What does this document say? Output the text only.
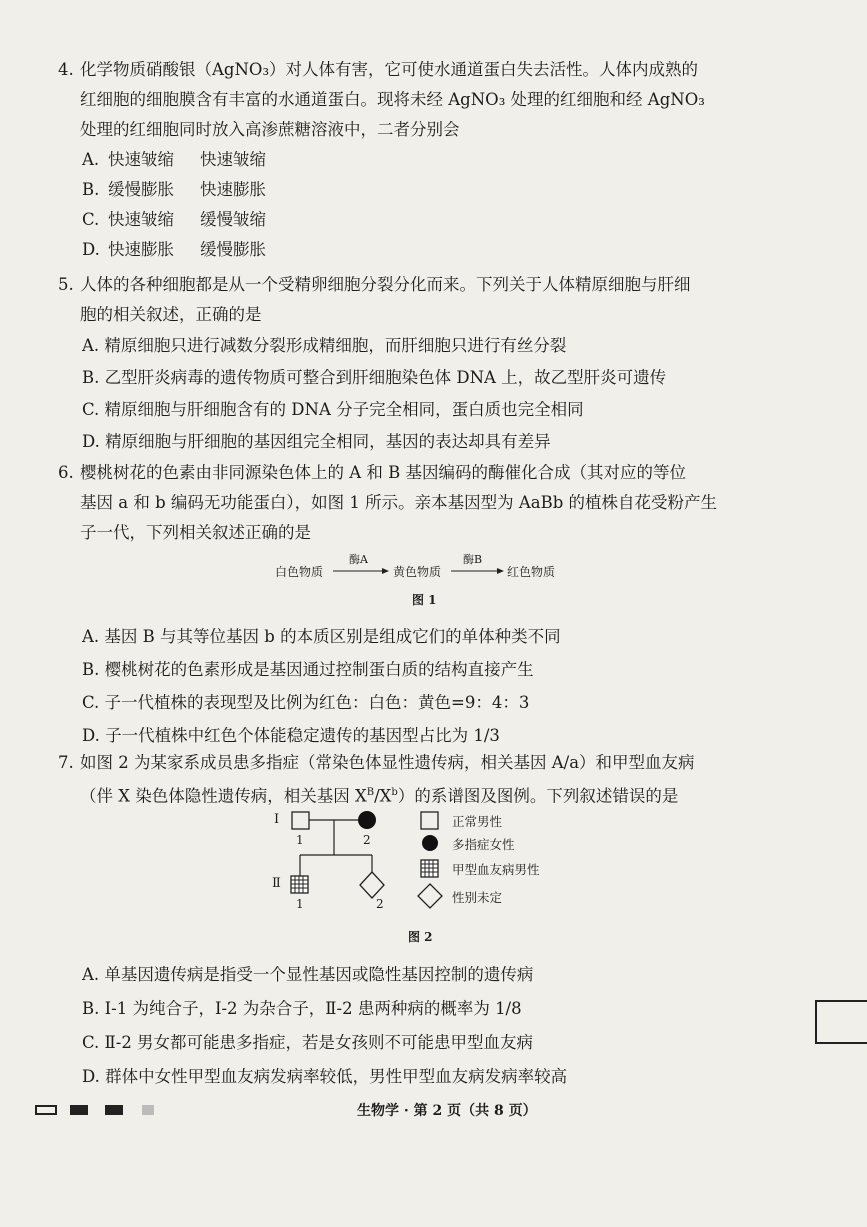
4. 化学物质硝酸银（AgNO₃）对人体有害，它可使水通道蛋白失去活性。人体内成熟的
红细胞的细胞膜含有丰富的水通道蛋白。现将未经 AgNO₃ 处理的红细胞和经 AgNO₃
处理的红细胞同时放入高渗蔗糖溶液中，二者分别会
A. 快速皱缩 快速皱缩
B. 缓慢膨胀 快速膨胀
C. 快速皱缩 缓慢皱缩
D. 快速膨胀 缓慢膨胀
5. 人体的各种细胞都是从一个受精卵细胞分裂分化而来。下列关于人体精原细胞与肝细
胞的相关叙述，正确的是
A. 精原细胞只进行减数分裂形成精细胞，而肝细胞只进行有丝分裂
B. 乙型肝炎病毒的遗传物质可整合到肝细胞染色体 DNA 上，故乙型肝炎可遗传
C. 精原细胞与肝细胞含有的 DNA 分子完全相同，蛋白质也完全相同
D. 精原细胞与肝细胞的基因组完全相同，基因的表达却具有差异
6. 樱桃树花的色素由非同源染色体上的 A 和 B 基因编码的酶催化合成（其对应的等位
基因 a 和 b 编码无功能蛋白），如图 1 所示。亲本基因型为 AaBb 的植株自花受粉产生
子一代，下列相关叙述正确的是
白色物质
酶A
黄色物质
酶B
红色物质
图 1
A. 基因 B 与其等位基因 b 的本质区别是组成它们的单体种类不同
B. 樱桃树花的色素形成是基因通过控制蛋白质的结构直接产生
C. 子一代植株的表现型及比例为红色：白色：黄色=9：4：3
D. 子一代植株中红色个体能稳定遗传的基因型占比为 1/3
7. 如图 2 为某家系成员患多指症（常染色体显性遗传病，相关基因 A/a）和甲型血友病
（伴 X 染色体隐性遗传病，相关基因 $X^B/X^b$）的系谱图及图例。下列叙述错误的是
I
1	2
Ⅱ
1	2
正常男性
多指症女性
甲型血友病男性
性别未定
图 2
A. 单基因遗传病是指受一个显性基因或隐性基因控制的遗传病
B. Ⅰ-1 为纯合子，Ⅰ-2 为杂合子，Ⅱ-2 患两种病的概率为 1/8
C. Ⅱ-2 男女都可能患多指症，若是女孩则不可能患甲型血友病
D. 群体中女性甲型血友病发病率较低，男性甲型血友病发病率较高
生物学 · 第 2 页（共 8 页）
